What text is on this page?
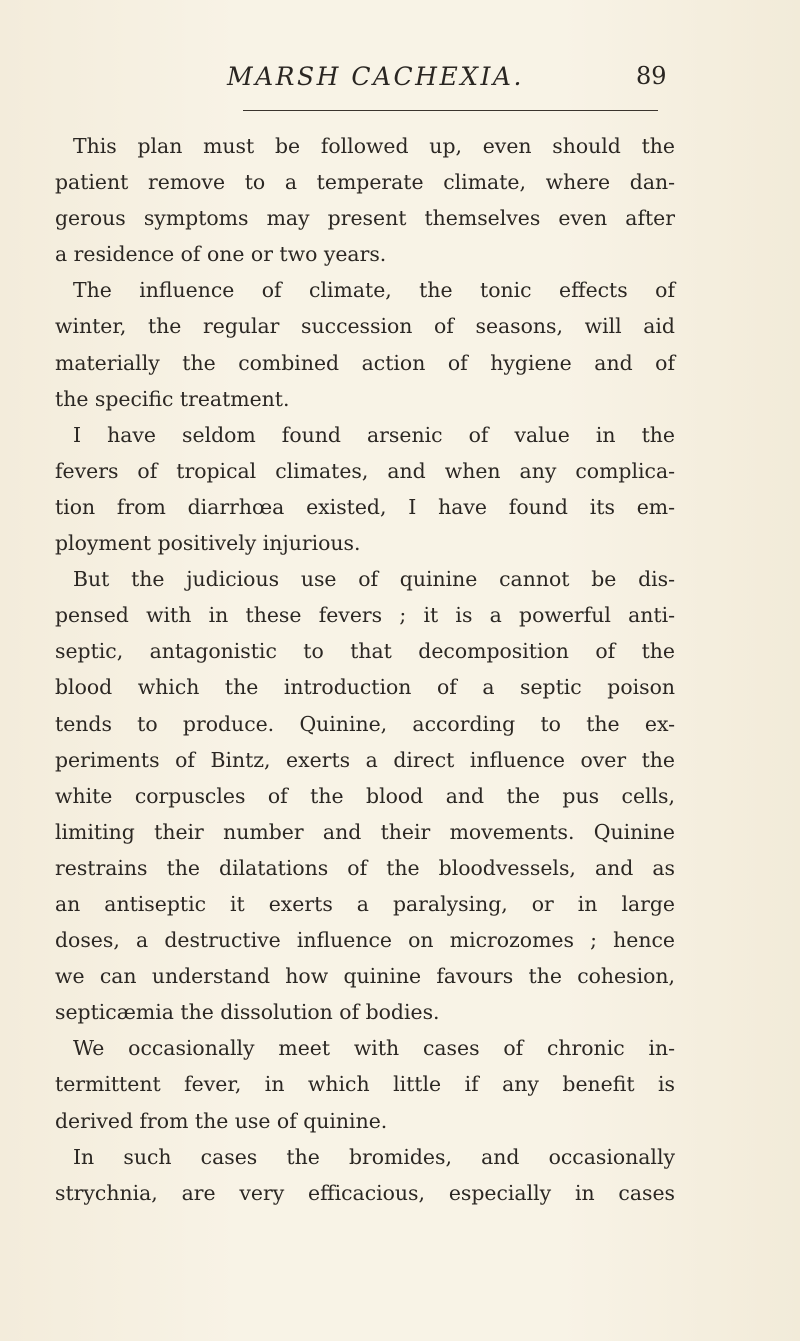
MARSH CACHEXIA.	89
This plan must be followed up, even should the
patient remove to a temperate climate, where dan-
gerous symptoms may present themselves even after
a residence of one or two years.
The influence of climate, the tonic effects of
winter, the regular succession of seasons, will aid
materially the combined action of hygiene and of
the specific treatment.
I have seldom found arsenic of value in the
fevers of tropical climates, and when any complica-
tion from diarrhœa existed, I have found its em-
ployment positively injurious.
But the judicious use of quinine cannot be dis-
pensed with in these fevers ; it is a powerful anti-
septic, antagonistic to that decomposition of the
blood which the introduction of a septic poison
tends to produce. Quinine, according to the ex-
periments of Bintz, exerts a direct influence over the
white corpuscles of the blood and the pus cells,
limiting their number and their movements. Quinine
restrains the dilatations of the bloodvessels, and as
an antiseptic it exerts a paralysing, or in large
doses, a destructive influence on microzomes ; hence
we can understand how quinine favours the cohesion,
septicæmia the dissolution of bodies.
We occasionally meet with cases of chronic in-
termittent fever, in which little if any benefit is
derived from the use of quinine.
In such cases the bromides, and occasionally
strychnia, are very efficacious, especially in cases
